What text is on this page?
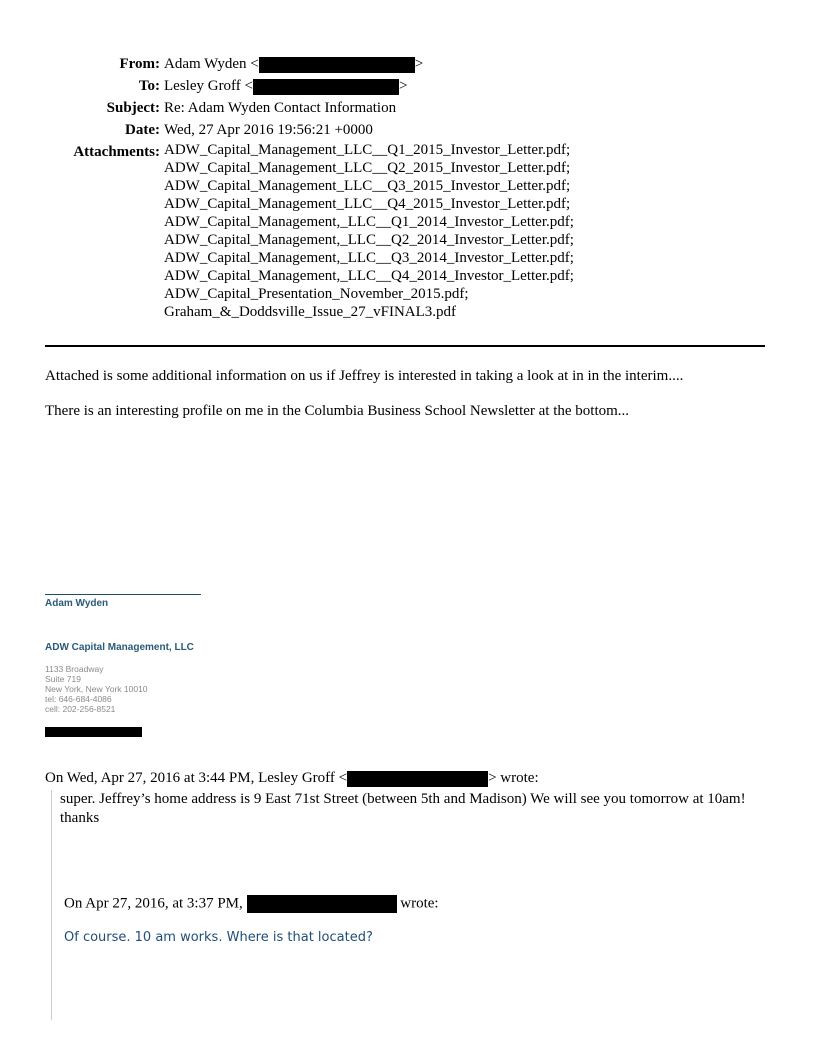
From: Adam Wyden <	>
To: Lesley Groff <	>
Subject: Re: Adam Wyden Contact Information
Date: Wed, 27 Apr 2016 19:56:21 +0000
Attachments: ADW_Capital_Management_LLC__Q1_2015_Investor_Letter.pdf;
ADW_Capital_Management_LLC__Q2_2015_Investor_Letter.pdf;
ADW_Capital_Management_LLC__Q3_2015_Investor_Letter.pdf;
ADW_Capital_Management_LLC__Q4_2015_Investor_Letter.pdf;
ADW_Capital_Management,_LLC__Q1_2014_Investor_Letter.pdf;
ADW_Capital_Management,_LLC__Q2_2014_Investor_Letter.pdf;
ADW_Capital_Management,_LLC__Q3_2014_Investor_Letter.pdf;
ADW_Capital_Management,_LLC__Q4_2014_Investor_Letter.pdf;
ADW_Capital_Presentation_November_2015.pdf;
Graham_&_Doddsville_Issue_27_vFINAL3.pdf
Attached is some additional information on us if Jeffrey is interested in taking a look at in in the interim....
There is an interesting profile on me in the Columbia Business School Newsletter at the bottom...
Adam Wyden
ADW Capital Management, LLC
1133 Broadway
Suite 719
New York, New York 10010
tel: 646-684-4086
cell: 202-256-8521
On Wed, Apr 27, 2016 at 3:44 PM, Lesley Groff <	> wrote:
super. Jeffrey’s home address is 9 East 71st Street (between 5th and Madison) We will see you tomorrow at 10am! thanks
On Apr 27, 2016, at 3:37 PM,	wrote:
Of course. 10 am works. Where is that located?
